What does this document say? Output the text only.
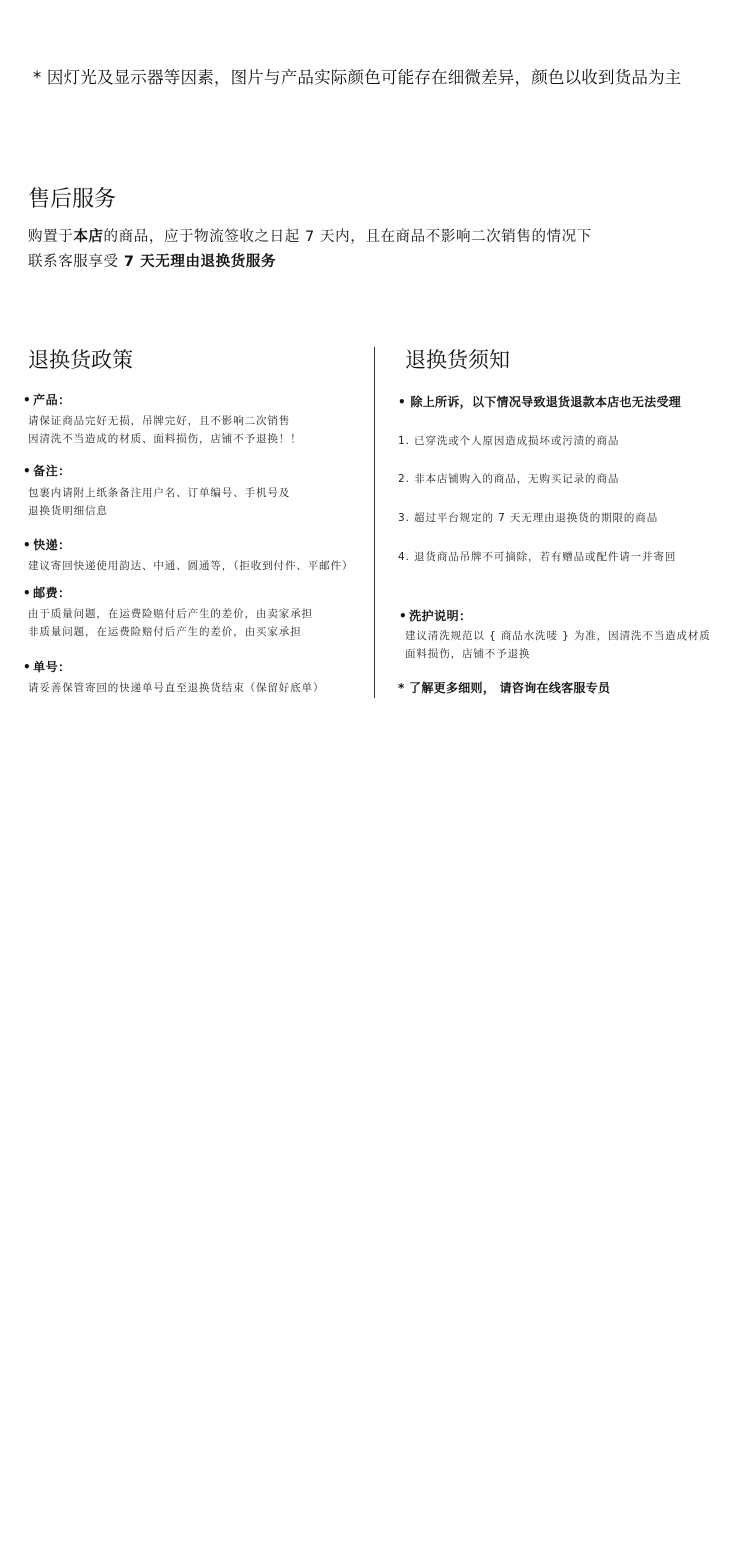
* 因灯光及显示器等因素，图片与产品实际颜色可能存在细微差异，颜色以收到货品为主
售后服务
购置于本店的商品，应于物流签收之日起 7 天内，且在商品不影响二次销售的情况下
联系客服享受 7 天无理由退换货服务
退换货政策
• 产品：
请保证商品完好无损，吊牌完好，且不影响二次销售
因清洗不当造成的材质、面料损伤，店铺不予退换！！
• 备注：
包裹内请附上纸条备注用户名、订单编号、手机号及
退换货明细信息
• 快递：
建议寄回快递使用韵达、中通、圆通等，（拒收到付件、平邮件）
• 邮费：
由于质量问题，在运费险赔付后产生的差价，由卖家承担
非质量问题，在运费险赔付后产生的差价，由买家承担
• 单号：
请妥善保管寄回的快递单号直至退换货结束（保留好底单）
退换货须知
• 除上所诉，以下情况导致退货退款本店也无法受理
1. 已穿洗或个人原因造成损坏或污渍的商品
2. 非本店铺购入的商品，无购买记录的商品
3. 超过平台规定的 7 天无理由退换货的期限的商品
4. 退货商品吊牌不可摘除，若有赠品或配件请一并寄回
• 洗护说明：
建议清洗规范以 { 商品水洗唛 } 为准，因清洗不当造成材质
面料损伤，店铺不予退换
* 了解更多细则， 请咨询在线客服专员
